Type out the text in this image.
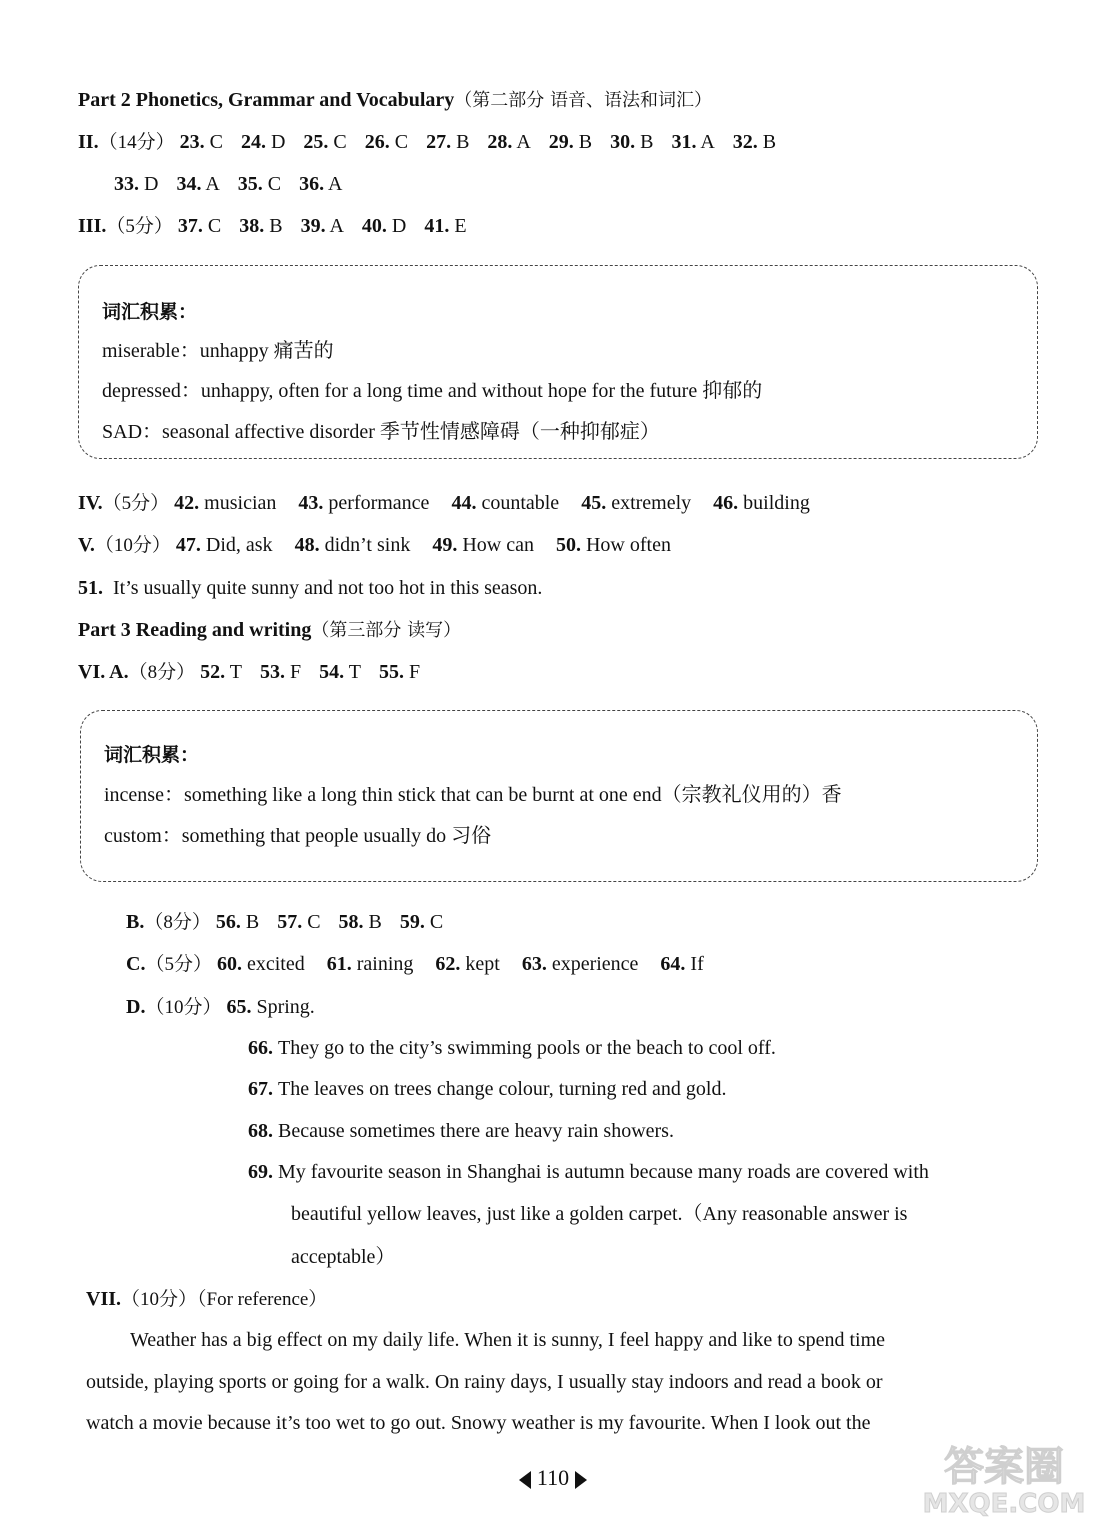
Part 2 Phonetics, Grammar and Vocabulary（第二部分 语音、语法和词汇）
II.（14分） 23. C 24. D 25. C 26. C 27. B 28. A 29. B 30. B 31. A 32. B
33. D 34. A 35. C 36. A
III.（5分） 37. C 38. B 39. A 40. D 41. E
词汇积累：
miserable：unhappy 痛苦的
depressed：unhappy, often for a long time and without hope for the future 抑郁的
SAD：seasonal affective disorder 季节性情感障碍（一种抑郁症）
IV.（5分） 42. musician 43. performance 44. countable 45. extremely 46. building
V.（10分） 47. Did, ask 48. didn’t sink 49. How can 50. How often
51. It’s usually quite sunny and not too hot in this season.
Part 3 Reading and writing（第三部分 读写）
VI. A.（8分） 52. T 53. F 54. T 55. F
词汇积累：
incense：something like a long thin stick that can be burnt at one end（宗教礼仪用的）香
custom：something that people usually do 习俗
B.（8分） 56. B 57. C 58. B 59. C
C.（5分） 60. excited 61. raining 62. kept 63. experience 64. If
D.（10分） 65. Spring.
66. They go to the city’s swimming pools or the beach to cool off.
67. The leaves on trees change colour, turning red and gold.
68. Because sometimes there are heavy rain showers.
69. My favourite season in Shanghai is autumn because many roads are covered with
beautiful yellow leaves, just like a golden carpet.（Any reasonable answer is
acceptable）
VII.（10分）（For reference）
Weather has a big effect on my daily life. When it is sunny, I feel happy and like to spend time
outside, playing sports or going for a walk. On rainy days, I usually stay indoors and read a book or
watch a movie because it’s too wet to go out. Snowy weather is my favourite. When I look out the
110	答案圈
MXQE.COM
